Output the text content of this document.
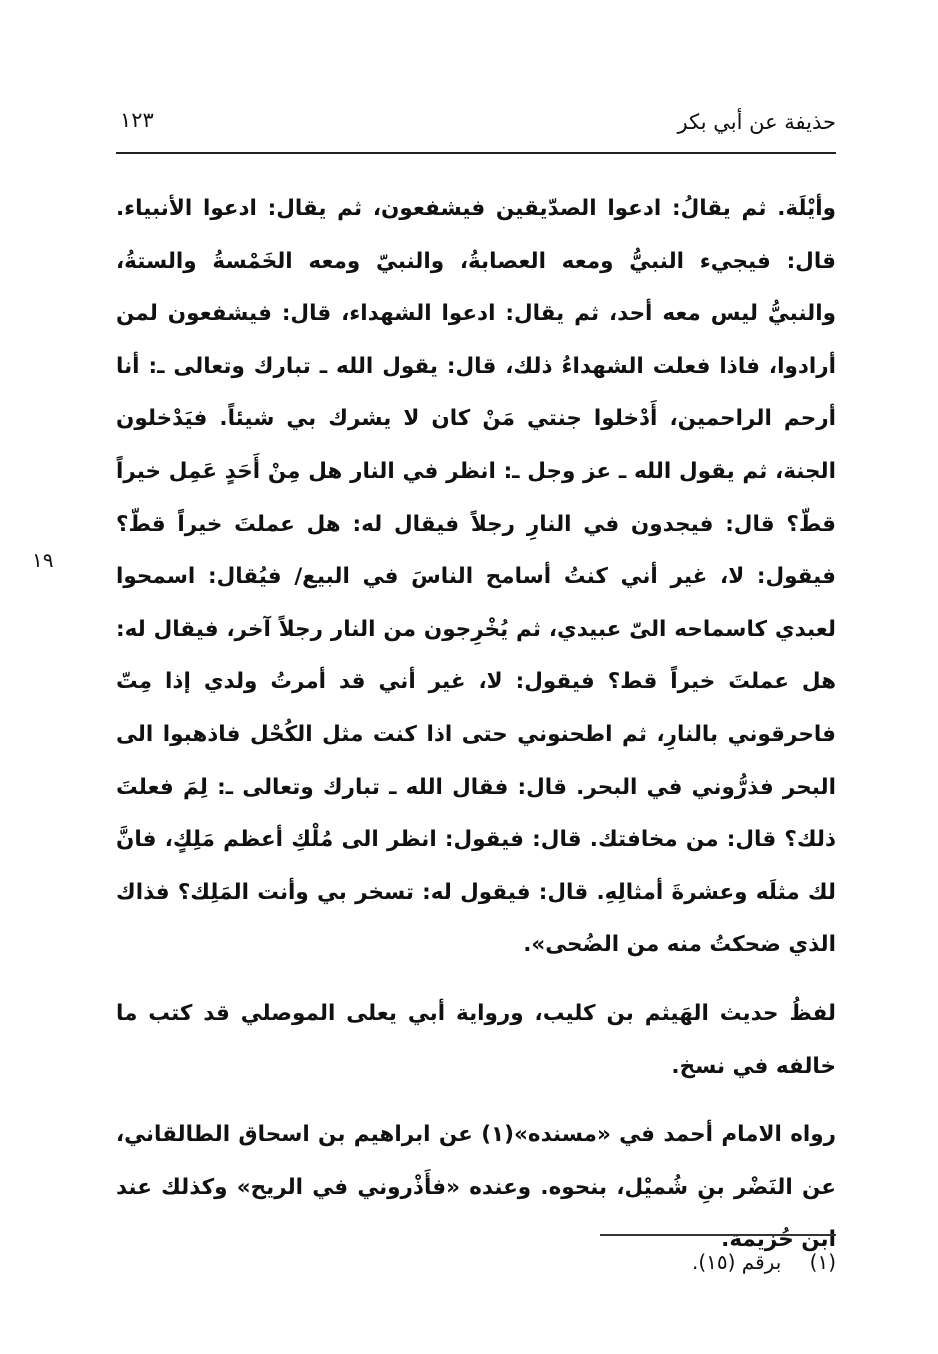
حذيفة عن أبي بكر
١٢٣
١٩

وأيْلَة. ثم يقالُ: ادعوا الصدّيقين فيشفعون، ثم يقال: ادعوا الأنبياء. قال: فيجيء النبيُّ ومعه العصابةُ، والنبيّ ومعه الخَمْسةُ والستةُ، والنبيُّ ليس معه أحد، ثم يقال: ادعوا الشهداء، قال: فيشفعون لمن أرادوا، فاذا فعلت الشهداءُ ذلك، قال: يقول الله ـ تبارك وتعالى ـ: أنا أرحم الراحمين، أَدْخلوا جنتي مَنْ كان لا يشرك بي شيئاً. فيَدْخلون الجنة، ثم يقول الله ـ عز وجل ـ: انظر في النار هل مِنْ أَحَدٍ عَمِل خيراً قطّ؟ قال: فيجدون في النارِ رجلاً فيقال له: هل عملتَ خيراً قطّ؟ فيقول: لا، غير أني كنتُ أسامح الناسَ في البيع/ فيُقال: اسمحوا لعبدي كاسماحه الىّ عبيدي، ثم يُخْرِجون من النار رجلاً آخر، فيقال له: هل عملتَ خيراً قط؟ فيقول: لا، غير أني قد أمرتُ ولدي إذا مِتّ فاحرقوني بالنارِ، ثم اطحنوني حتى اذا كنت مثل الكُحْل فاذهبوا الى البحر فذرُّوني في البحر. قال: فقال الله ـ تبارك وتعالى ـ: لِمَ فعلتَ ذلك؟ قال: من مخافتك. قال: فيقول: انظر الى مُلْكِ أعظم مَلِكٍ، فانَّ لك مثلَه وعشرةَ أمثالِهِ. قال: فيقول له: تسخر بي وأنت المَلِك؟ فذاك الذي ضحكتُ منه من الضُحى».

لفظُ حديث الهَيثم بن كليب، ورواية أبي يعلى الموصلي قد كتب ما خالفه في نسخ.

رواه الامام أحمد في «مسنده»(١) عن ابراهيم بن اسحاق الطالقاني، عن النَضْر بنِ شُميْل، بنحوه. وعنده «فأَذْروني في الريح» وكذلك عند ابن خُزيمة.

(١) برقم (١٥).
